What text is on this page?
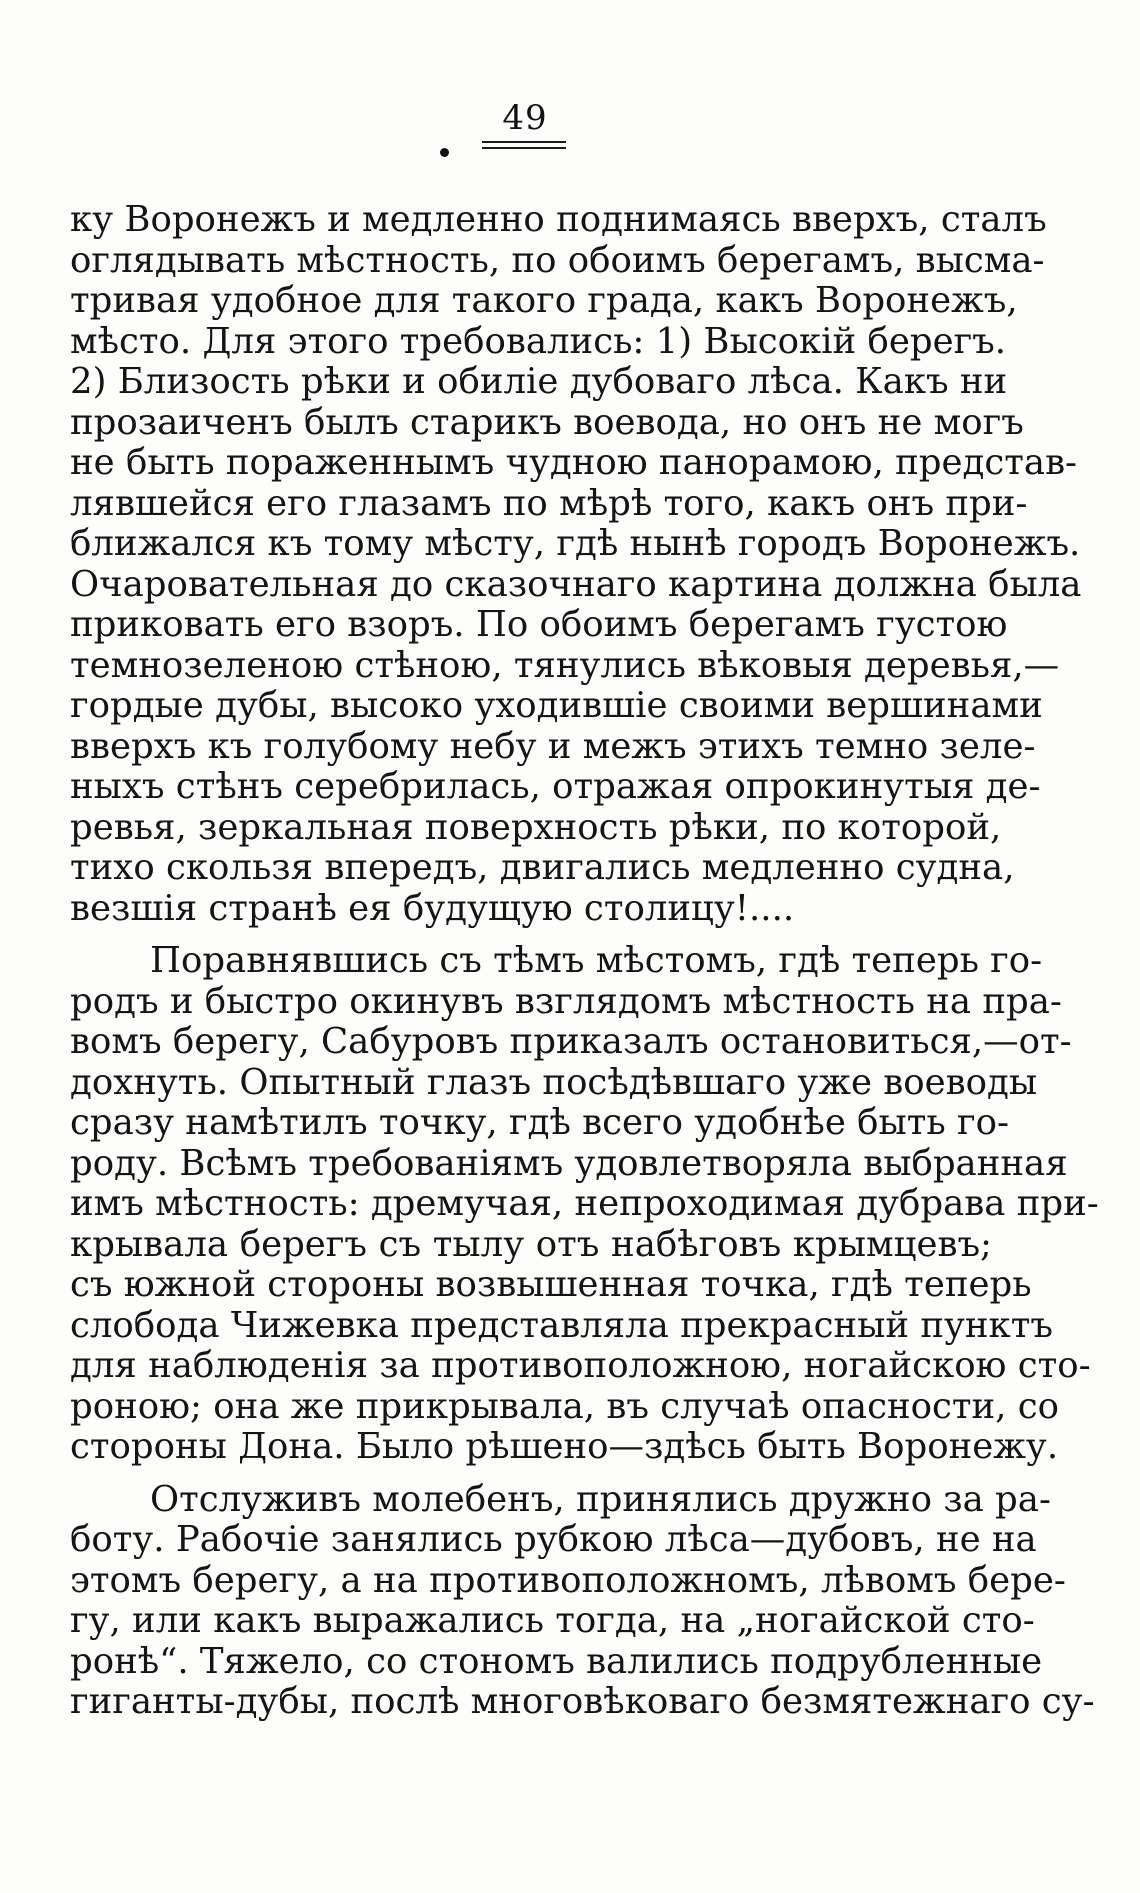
49
ку Воронежъ и медленно поднимаясь вверхъ, сталъ
оглядывать мѣстность, по обоимъ берегамъ, высма-
тривая удобное для такого града, какъ Воронежъ,
мѣсто. Для этого требовались: 1) Высокій берегъ.
2) Близость рѣки и обиліе дубоваго лѣса. Какъ ни
прозаиченъ былъ старикъ воевода, но онъ не могъ
не быть пораженнымъ чудною панорамою, представ-
лявшейся его глазамъ по мѣрѣ того, какъ онъ при-
ближался къ тому мѣсту, гдѣ нынѣ городъ Воронежъ.
Очаровательная до сказочнаго картина должна была
приковать его взоръ. По обоимъ берегамъ густою
темнозеленою стѣною, тянулись вѣковыя деревья,—
гордые дубы, высоко уходившіе своими вершинами
вверхъ къ голубому небу и межъ этихъ темно зеле-
ныхъ стѣнъ серебрилась, отражая опрокинутыя де-
ревья, зеркальная поверхность рѣки, по которой,
тихо скользя впередъ, двигались медленно судна,
везшія странѣ ея будущую столицу!....
Поравнявшись съ тѣмъ мѣстомъ, гдѣ теперь го-
родъ и быстро окинувъ взглядомъ мѣстность на пра-
вомъ берегу, Сабуровъ приказалъ остановиться,—от-
дохнуть. Опытный глазъ посѣдѣвшаго уже воеводы
сразу намѣтилъ точку, гдѣ всего удобнѣе быть го-
роду. Всѣмъ требованіямъ удовлетворяла выбранная
имъ мѣстность: дремучая, непроходимая дубрава при-
крывала берегъ съ тылу отъ набѣговъ крымцевъ;
съ южной стороны возвышенная точка, гдѣ теперь
слобода Чижевка представляла прекрасный пунктъ
для наблюденія за противоположною, ногайскою сто-
роною; она же прикрывала, въ случаѣ опасности, со
стороны Дона. Было рѣшено—здѣсь быть Воронежу.
Отслуживъ молебенъ, принялись дружно за ра-
боту. Рабочіе занялись рубкою лѣса—дубовъ, не на
этомъ берегу, а на противоположномъ, лѣвомъ бере-
гу, или какъ выражались тогда, на „ногайской сто-
ронѣ“. Тяжело, со стономъ валились подрубленные
гиганты-дубы, послѣ многовѣковаго безмятежнаго су-
